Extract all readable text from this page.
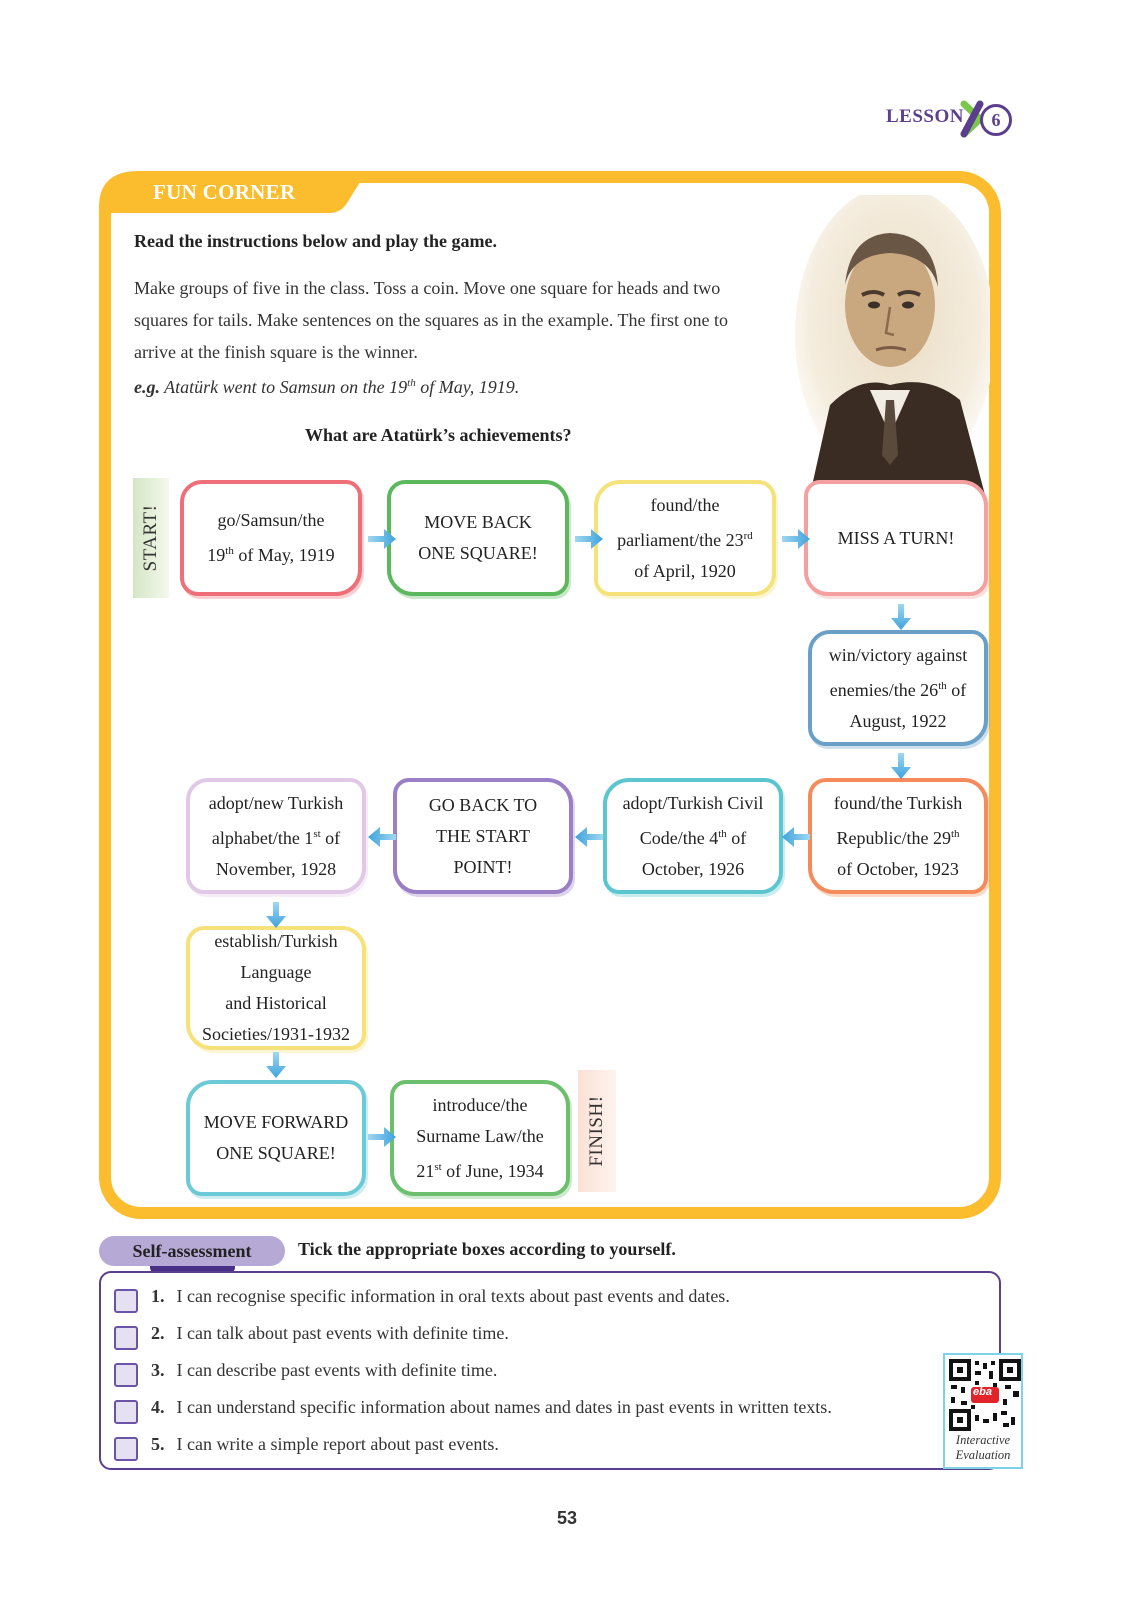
LESSON	6
FUN CORNER
Read the instructions below and play the game.
Make groups of five in the class. Toss a coin. Move one square for heads and two squares for tails. Make sentences on the squares as in the example. The first one to arrive at the finish square is the winner.
e.g. Atatürk went to Samsun on the 19th of May, 1919.
What are Atatürk’s achievements?
START!
FINISH!
go/Samsun/the
19th of May, 1919
MOVE BACK
ONE SQUARE!
found/the
parliament/the 23rd
of April, 1920
MISS A TURN!
win/victory against
enemies/the 26th of
August, 1922
found/the Turkish
Republic/the 29th
of October, 1923
adopt/Turkish Civil
Code/the 4th of
October, 1926
GO BACK TO
THE START
POINT!
adopt/new Turkish
alphabet/the 1st of
November, 1928
establish/Turkish
Language
and Historical
Societies/1931-1932
MOVE FORWARD
ONE SQUARE!
introduce/the
Surname Law/the
21st of June, 1934
Self-assessment	Tick the appropriate boxes according to yourself.
1. I can recognise specific information in oral texts about past events and dates.
2. I can talk about past events with definite time.
3. I can describe past events with definite time.
4. I can understand specific information about names and dates in past events in written texts.
5. I can write a simple report about past events.
eba
Interactive
Evaluation
53
